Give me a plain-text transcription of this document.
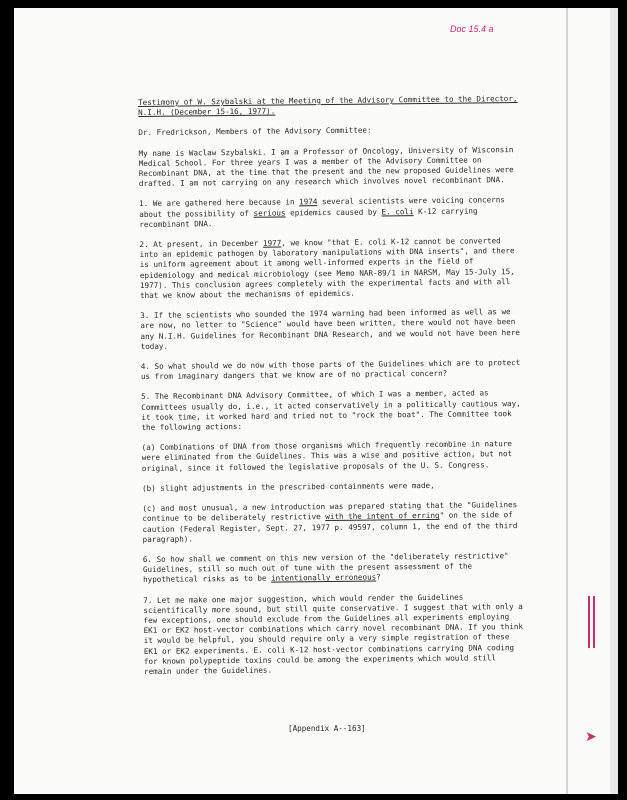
Doc 15.4 a

Testimony of W. Szybalski at the Meeting of the Advisory Committee to the Director, N.I.H. (December 15-16, 1977).

Dr. Fredrickson, Members of the Advisory Committee:

My name is Waclaw Szybalski. I am a Professor of Oncology, University of Wisconsin Medical School. For three years I was a member of the Advisory Committee on Recombinant DNA, at the time that the present and the new proposed Guidelines were drafted. I am not carrying on any research which involves novel recombinant DNA.

1. We are gathered here because in 1974 several scientists were voicing concerns about the possibility of serious epidemics caused by E. coli K-12 carrying recombinant DNA.

2. At present, in December 1977, we know "that E. coli K-12 cannot be converted into an epidemic pathogen by laboratory manipulations with DNA inserts", and there is uniform agreement about it among well-informed experts in the field of epidemiology and medical microbiology (see Memo NAR-89/1 in NARSM, May 15-July 15, 1977). This conclusion agrees completely with the experimental facts and with all that we know about the mechanisms of epidemics.

3. If the scientists who sounded the 1974 warning had been informed as well as we are now, no letter to "Science" would have been written, there would not have been any N.I.H. Guidelines for Recombinant DNA Research, and we would not have been here today.

4. So what should we do now with those parts of the Guidelines which are to protect us from imaginary dangers that we know are of no practical concern?

5. The Recombinant DNA Advisory Committee, of which I was a member, acted as Committees usually do, i.e., it acted conservatively in a politically cautious way, it took time, it worked hard and tried not to "rock the boat". The Committee took the following actions:

(a) Combinations of DNA from those organisms which frequently recombine in nature were eliminated from the Guidelines. This was a wise and positive action, but not original, since it followed the legislative proposals of the U. S. Congress.

(b) slight adjustments in the prescribed containments were made,

(c) and most unusual, a new introduction was prepared stating that the "Guidelines continue to be deliberately restrictive with the intent of erring" on the side of caution (Federal Register, Sept. 27, 1977 p. 49597, column 1, the end of the third paragraph).

6. So how shall we comment on this new version of the "deliberately restrictive" Guidelines, still so much out of tune with the present assessment of the hypothetical risks as to be intentionally erroneous?

7. Let me make one major suggestion, which would render the Guidelines scientifically more sound, but still quite conservative. I suggest that with only a few exceptions, one should exclude from the Guidelines all experiments employing EK1 or EK2 host-vector combinations which carry novel recombinant DNA. If you think it would be helpful, you should require only a very simple registration of these EK1 or EK2 experiments. E. coli K-12 host-vector combinations carrying DNA coding for known polypeptide toxins could be among the experiments which would still remain under the Guidelines.

[Appendix A--163]
➤
